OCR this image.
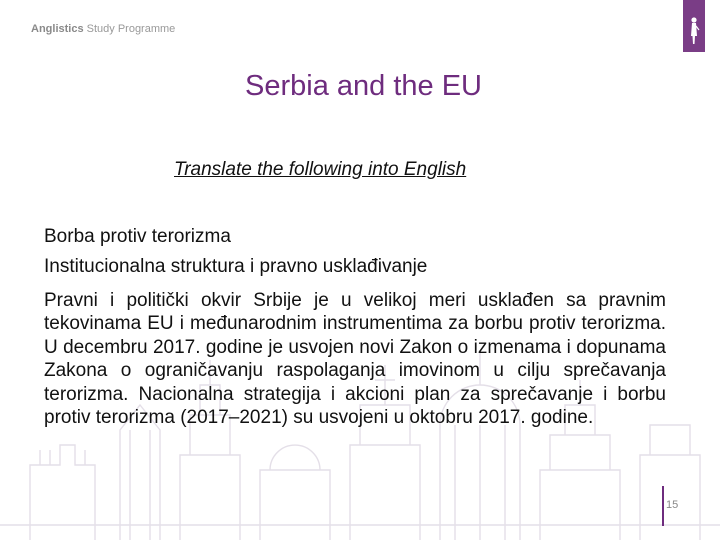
Anglistics Study Programme
Serbia and the EU
Translate the following into English
Borba protiv terorizma
Institucionalna struktura i pravno usklađivanje
Pravni i politički okvir Srbije je u velikoj meri usklađen sa pravnim tekovinama EU i međunarodnim instrumentima za borbu protiv terorizma. U decembru 2017. godine je usvojen novi Zakon o izmenama i dopunama Zakona o ograničavanju raspolaganja imovinom u cilju sprečavanja terorizma. Nacionalna strategija i akcioni plan za sprečavanje i borbu protiv terorizma (2017–2021) su usvojeni u oktobru 2017. godine.
15
